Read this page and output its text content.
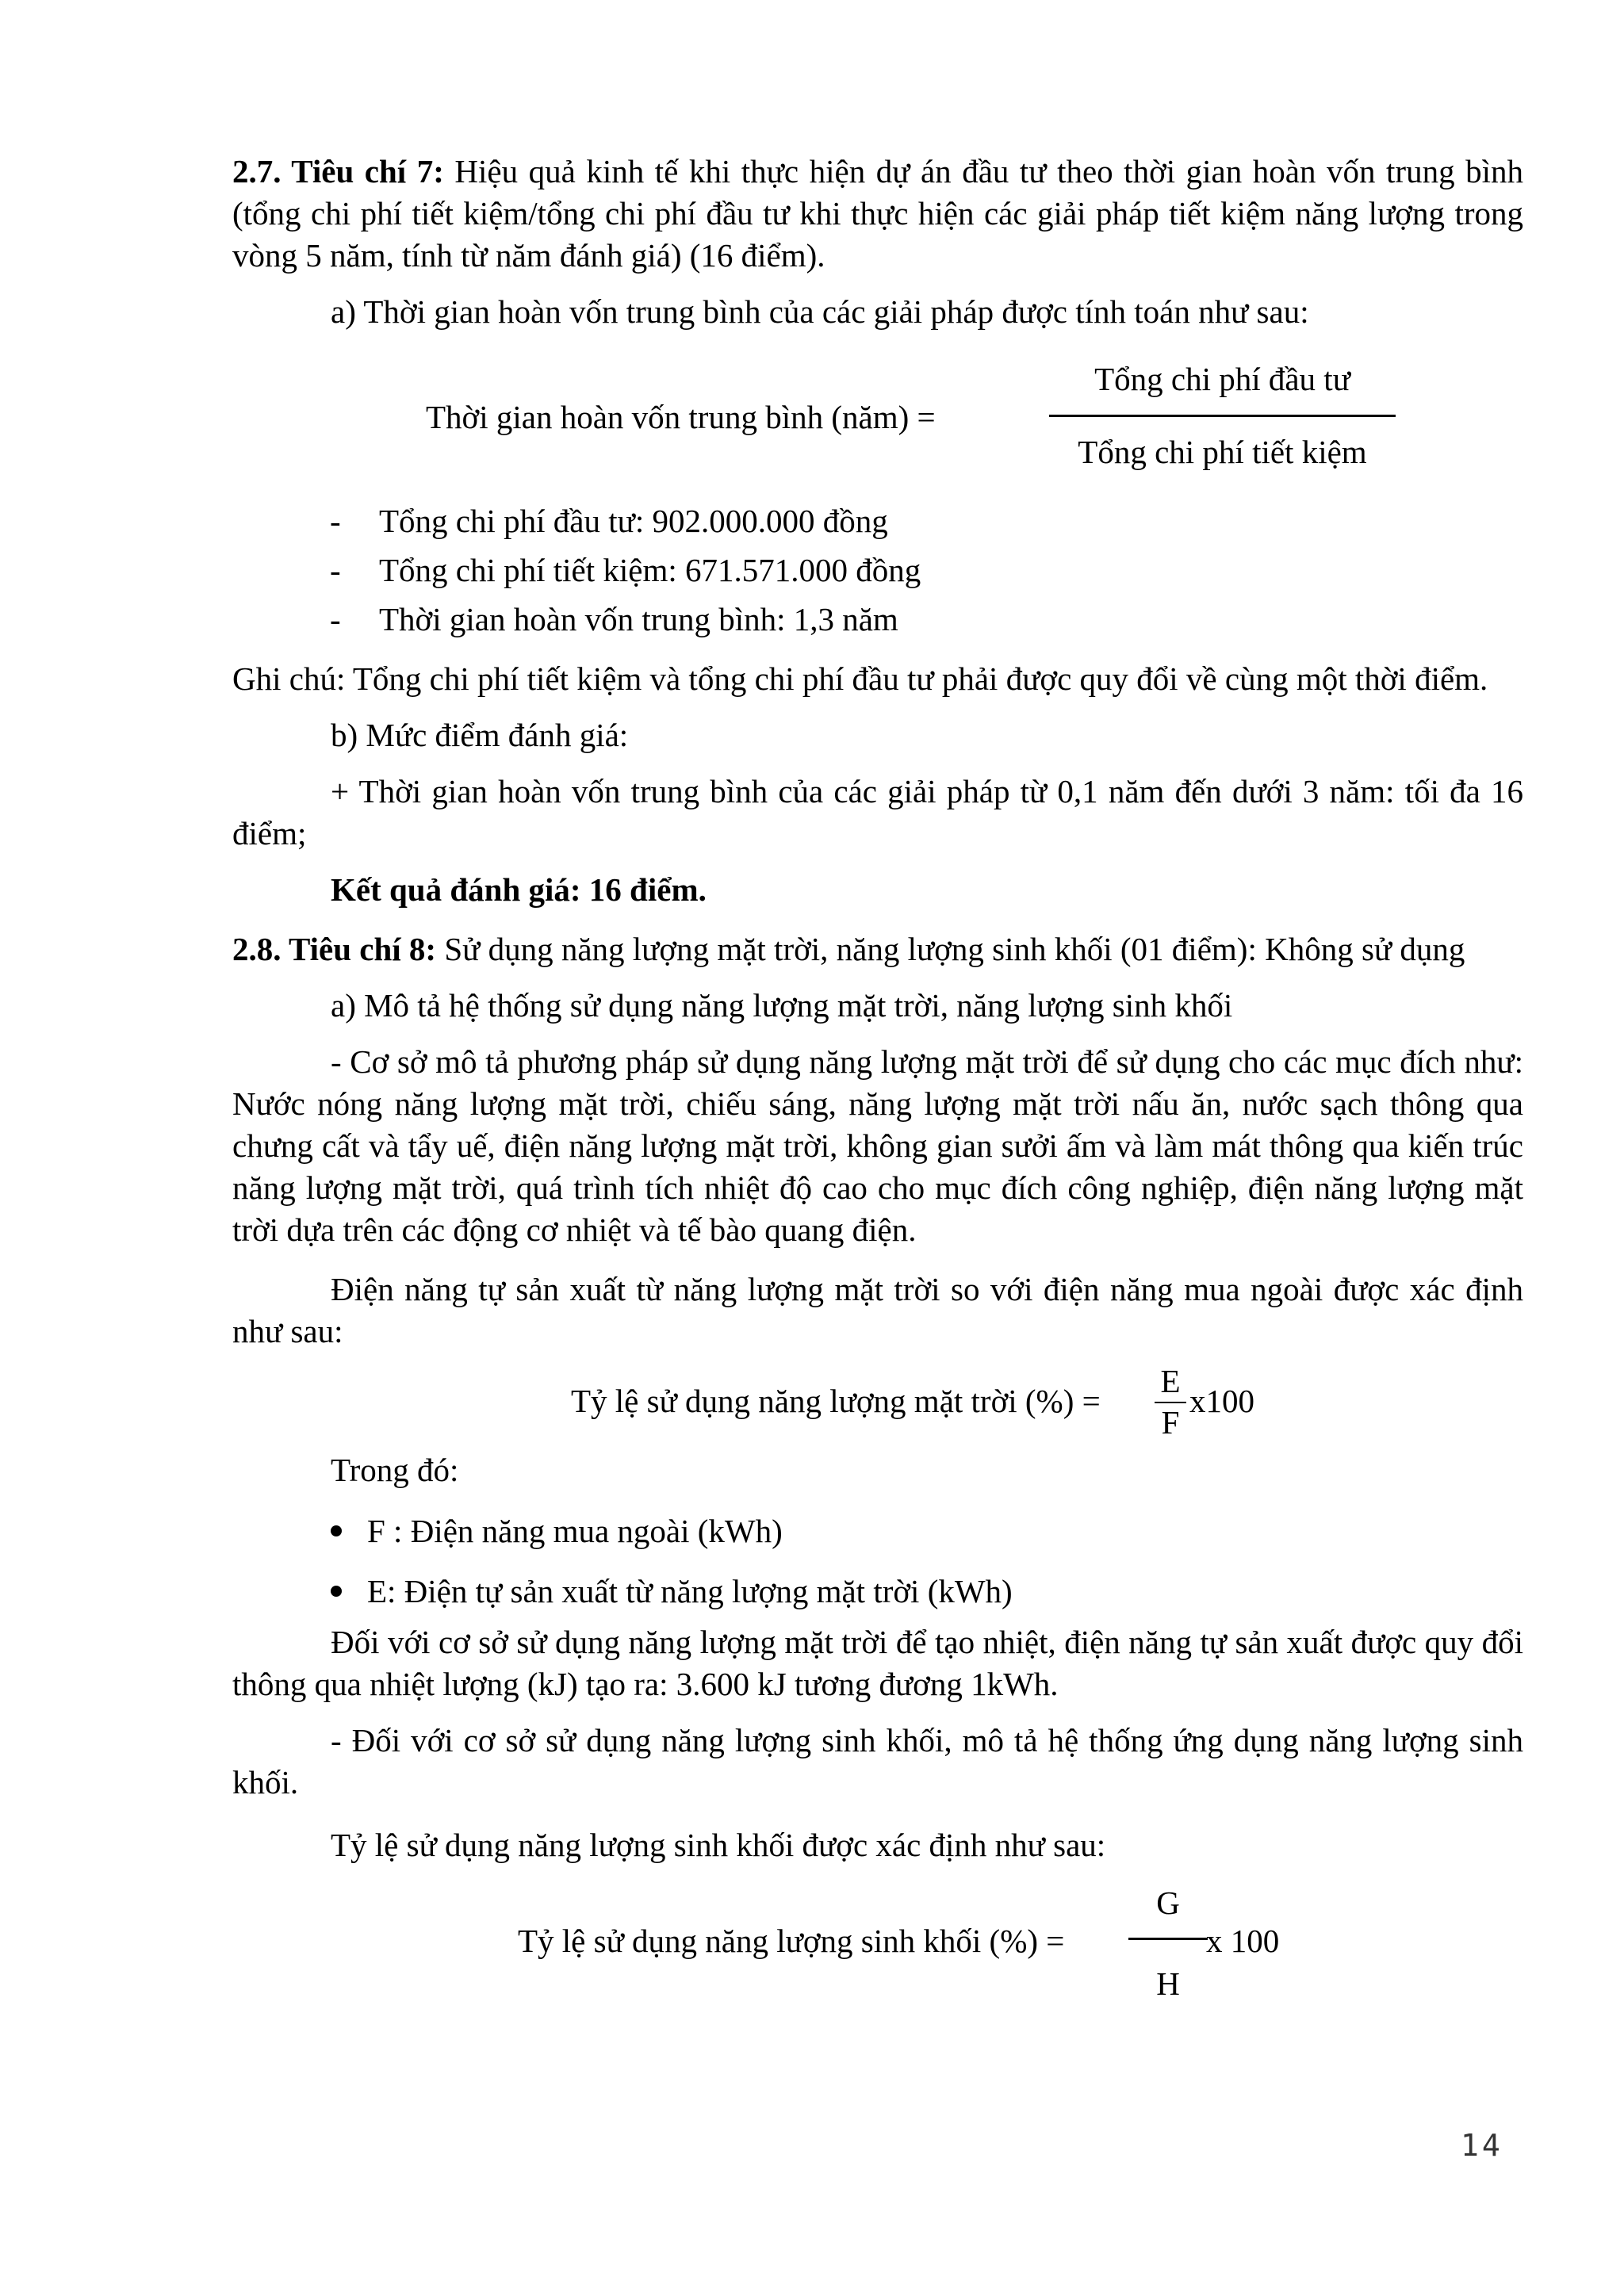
2.7. Tiêu chí 7: Hiệu quả kinh tế khi thực hiện dự án đầu tư theo thời gian hoàn vốn trung bình (tổng chi phí tiết kiệm/tổng chi phí đầu tư khi thực hiện các giải pháp tiết kiệm năng lượng trong vòng 5 năm, tính từ năm đánh giá) (16 điểm).

a) Thời gian hoàn vốn trung bình của các giải pháp được tính toán như sau:

Thời gian hoàn vốn trung bình (năm) =
Tổng chi phí đầu tư
Tổng chi phí tiết kiệm
- Tổng chi phí đầu tư: 902.000.000 đồng
- Tổng chi phí tiết kiệm: 671.571.000 đồng
- Thời gian hoàn vốn trung bình: 1,3 năm

Ghi chú: Tổng chi phí tiết kiệm và tổng chi phí đầu tư phải được quy đổi về cùng một thời điểm.

b) Mức điểm đánh giá:

+ Thời gian hoàn vốn trung bình của các giải pháp từ 0,1 năm đến dưới 3 năm: tối đa 16 điểm;

Kết quả đánh giá: 16 điểm.

2.8. Tiêu chí 8: Sử dụng năng lượng mặt trời, năng lượng sinh khối (01 điểm): Không sử dụng

a) Mô tả hệ thống sử dụng năng lượng mặt trời, năng lượng sinh khối

- Cơ sở mô tả phương pháp sử dụng năng lượng mặt trời để sử dụng cho các mục đích như: Nước nóng năng lượng mặt trời, chiếu sáng, năng lượng mặt trời nấu ăn, nước sạch thông qua chưng cất và tẩy uế, điện năng lượng mặt trời, không gian sưởi ấm và làm mát thông qua kiến trúc năng lượng mặt trời, quá trình tích nhiệt độ cao cho mục đích công nghiệp, điện năng lượng mặt trời dựa trên các động cơ nhiệt và tế bào quang điện.

Điện năng tự sản xuất từ năng lượng mặt trời so với điện năng mua ngoài được xác định như sau:

Tỷ lệ sử dụng năng lượng mặt trời (%) =
E
F
x100

Trong đó:

F : Điện năng mua ngoài (kWh)
E: Điện tự sản xuất từ năng lượng mặt trời (kWh)

Đối với cơ sở sử dụng năng lượng mặt trời để tạo nhiệt, điện năng tự sản xuất được quy đổi thông qua nhiệt lượng (kJ) tạo ra: 3.600 kJ tương đương 1kWh.

- Đối với cơ sở sử dụng năng lượng sinh khối, mô tả hệ thống ứng dụng năng lượng sinh khối.

Tỷ lệ sử dụng năng lượng sinh khối được xác định như sau:

G
H
Tỷ lệ sử dụng năng lượng sinh khối (%) =	x 100
14
